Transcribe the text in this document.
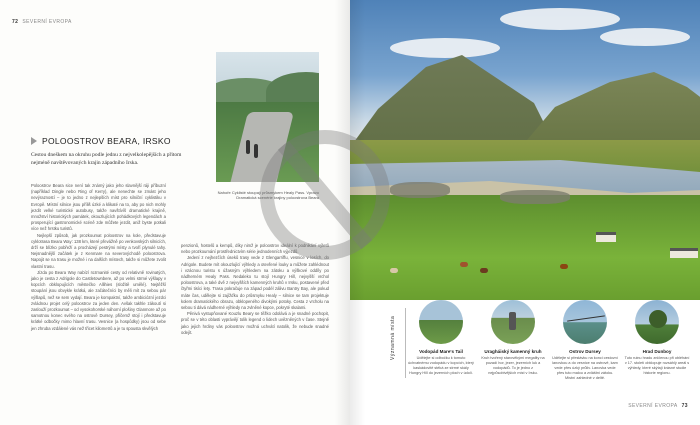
72 SEVERNÍ EVROPA
Nahoře Cyklisté stoupají průsmykem Healy Pass. Vpravo Dramatická scenérie krajiny poloostrova Beara
POLOOSTROV BEARA, IRSKO

Cestou dneškem na okruhu podle jednu z nejvelkolepějších a přitom nejméně navštěvovaných krajin západního Irska.

Poloostrov Beara sice není tak známý jako jeho slavnější ráji příbuzní (například Dingle nebo Ring of Kerry), ale nenechte se zmást jeho nevýrazností – je to jedno z nejlepších míst pro silniční cyklistiku v Evropě. Místní silnice jsou příliš úzké a klikaté na to, aby po nich mohly jezdit velké turistické autobusy, takže navštívíš dramatické krajině, množství historických památek, okouzlujících pohádkových legendách a prosperující gastronomické scéně zde můžete jezdit, aniž byste potkali více než hrstku turistů.

Nejlepší způsob, jak prozkoumat poloostrov na kole, představuje cyklotrasa Beara Way: 138 km, které převážně po venkovských silnicích, drží se blízko pobřeží a procházejí pestrými místy a tvoří plynulé tahy. Nejsnadnější začátek je z Kenmare na severovýchodě poloostrova. Napojit se na trasu je možné i na dalších místech, takže si můžete zvolit vlastní trasu.

Jízda po Beara Way nabízí rozmanité cesty od relativně rovinatých, jako je cesta z Adrigole do Castletownbere, až po velmi strmé výšlapy v kopcích obklopujících městečko Allihies (složitě umělé). Nejtěžší stoupání jsou obvykle krátká, ale začátečníci by měli mít za sebou pár výšlapů, než se sem vydají. Beara je kompaktní, takže ambiciózní jezdci zvládnou projet celý poloostrov za jeden den. Avšak takhle zákoutí si zaslouží prozkoumat – od vysokohorské náhorní plošiny Glanmore až po samotnou konec svého na ostrově Dursey, přičemž stojí i představuje krátké odbočky mimo hlavní trasu. Vesnice (a hospůdky) jsou od sebe jen zhruba vzdálené vás než třicet kilometrů a je tu spousta skvělých

penzionů, hostelů a kempů, díky nimž je poloostrov ideální k podnikání výletů nebo prozkoumání prostřednictvím série jednodenních výjezdů.

Jedení z nejhezčích úseků trasy vede z Glengarriffu, vesnice v lesích, do Adrigole. Budete mít okouzlující výhledy a otevřené louky a můžete zahlédnout i vzácnou turistu s úžasným výhledem na zátoku a výškové oddíly po nádherném Healy Pass. Nedaleko tu stojí Hungry Hill, nejvyšší vrchol poloostrova, a také dvě z nejvyšších kamenných kruhů v Irsku, postavené před čtyřmi tisíci lety. Trasa pokračuje na západ podél zálivu Bantry Bay, ale pokud máte čas, udělejte si zajížďku do průsmyku Healy – silnice se tam projektuje kolem dramatického obrazu, obklopeného divokými potoky. Cesta z vrcholu na sebou ti dává nádherné výhledy na zvlněné kopce, pokryté skalami.

Pěnivá vystupňované Kouzlu Beary se těžko odolává a je snadné pochopit, proč se v této oblasti vyprávějí tolik legend o lidech uvězněných v čase. Stejně jako jejich hrdiny vás poloostrov možná uchvátí natolik, že nebude snadné odejít.	Významná místa	Vodopád Mare's Tail
Udělejte si odbočku k tomuto úchvatnému vodopádu v kopcích, který kaskádovitě stéká ze strmé skály Hungry Hill do jezerních ploch v údolí.
Uragháiský kamenný kruh
Kruh tvořený starověkými megality na pozadí hor, jezer, jezerních luk a vodopádů. To je jedno z nejpůsobivějších míst v Irsku.
Ostrov Dursey
Udělejte si přestávku na konci cestovní lanovkou a do vesnice na ostrově, kam vede přes úzký průliv. Lanovka vede přes tuto malou a zvláštní zátoku. Místní zahledné v deltě.
Hrad Dunboy
Tuto ruinu hradu zničenou při obléhání v 17. století obklopuje rozsáhlý areál s výhledy, které skýtají krásné studie historie regionu.
SEVERNÍ EVROPA 73
